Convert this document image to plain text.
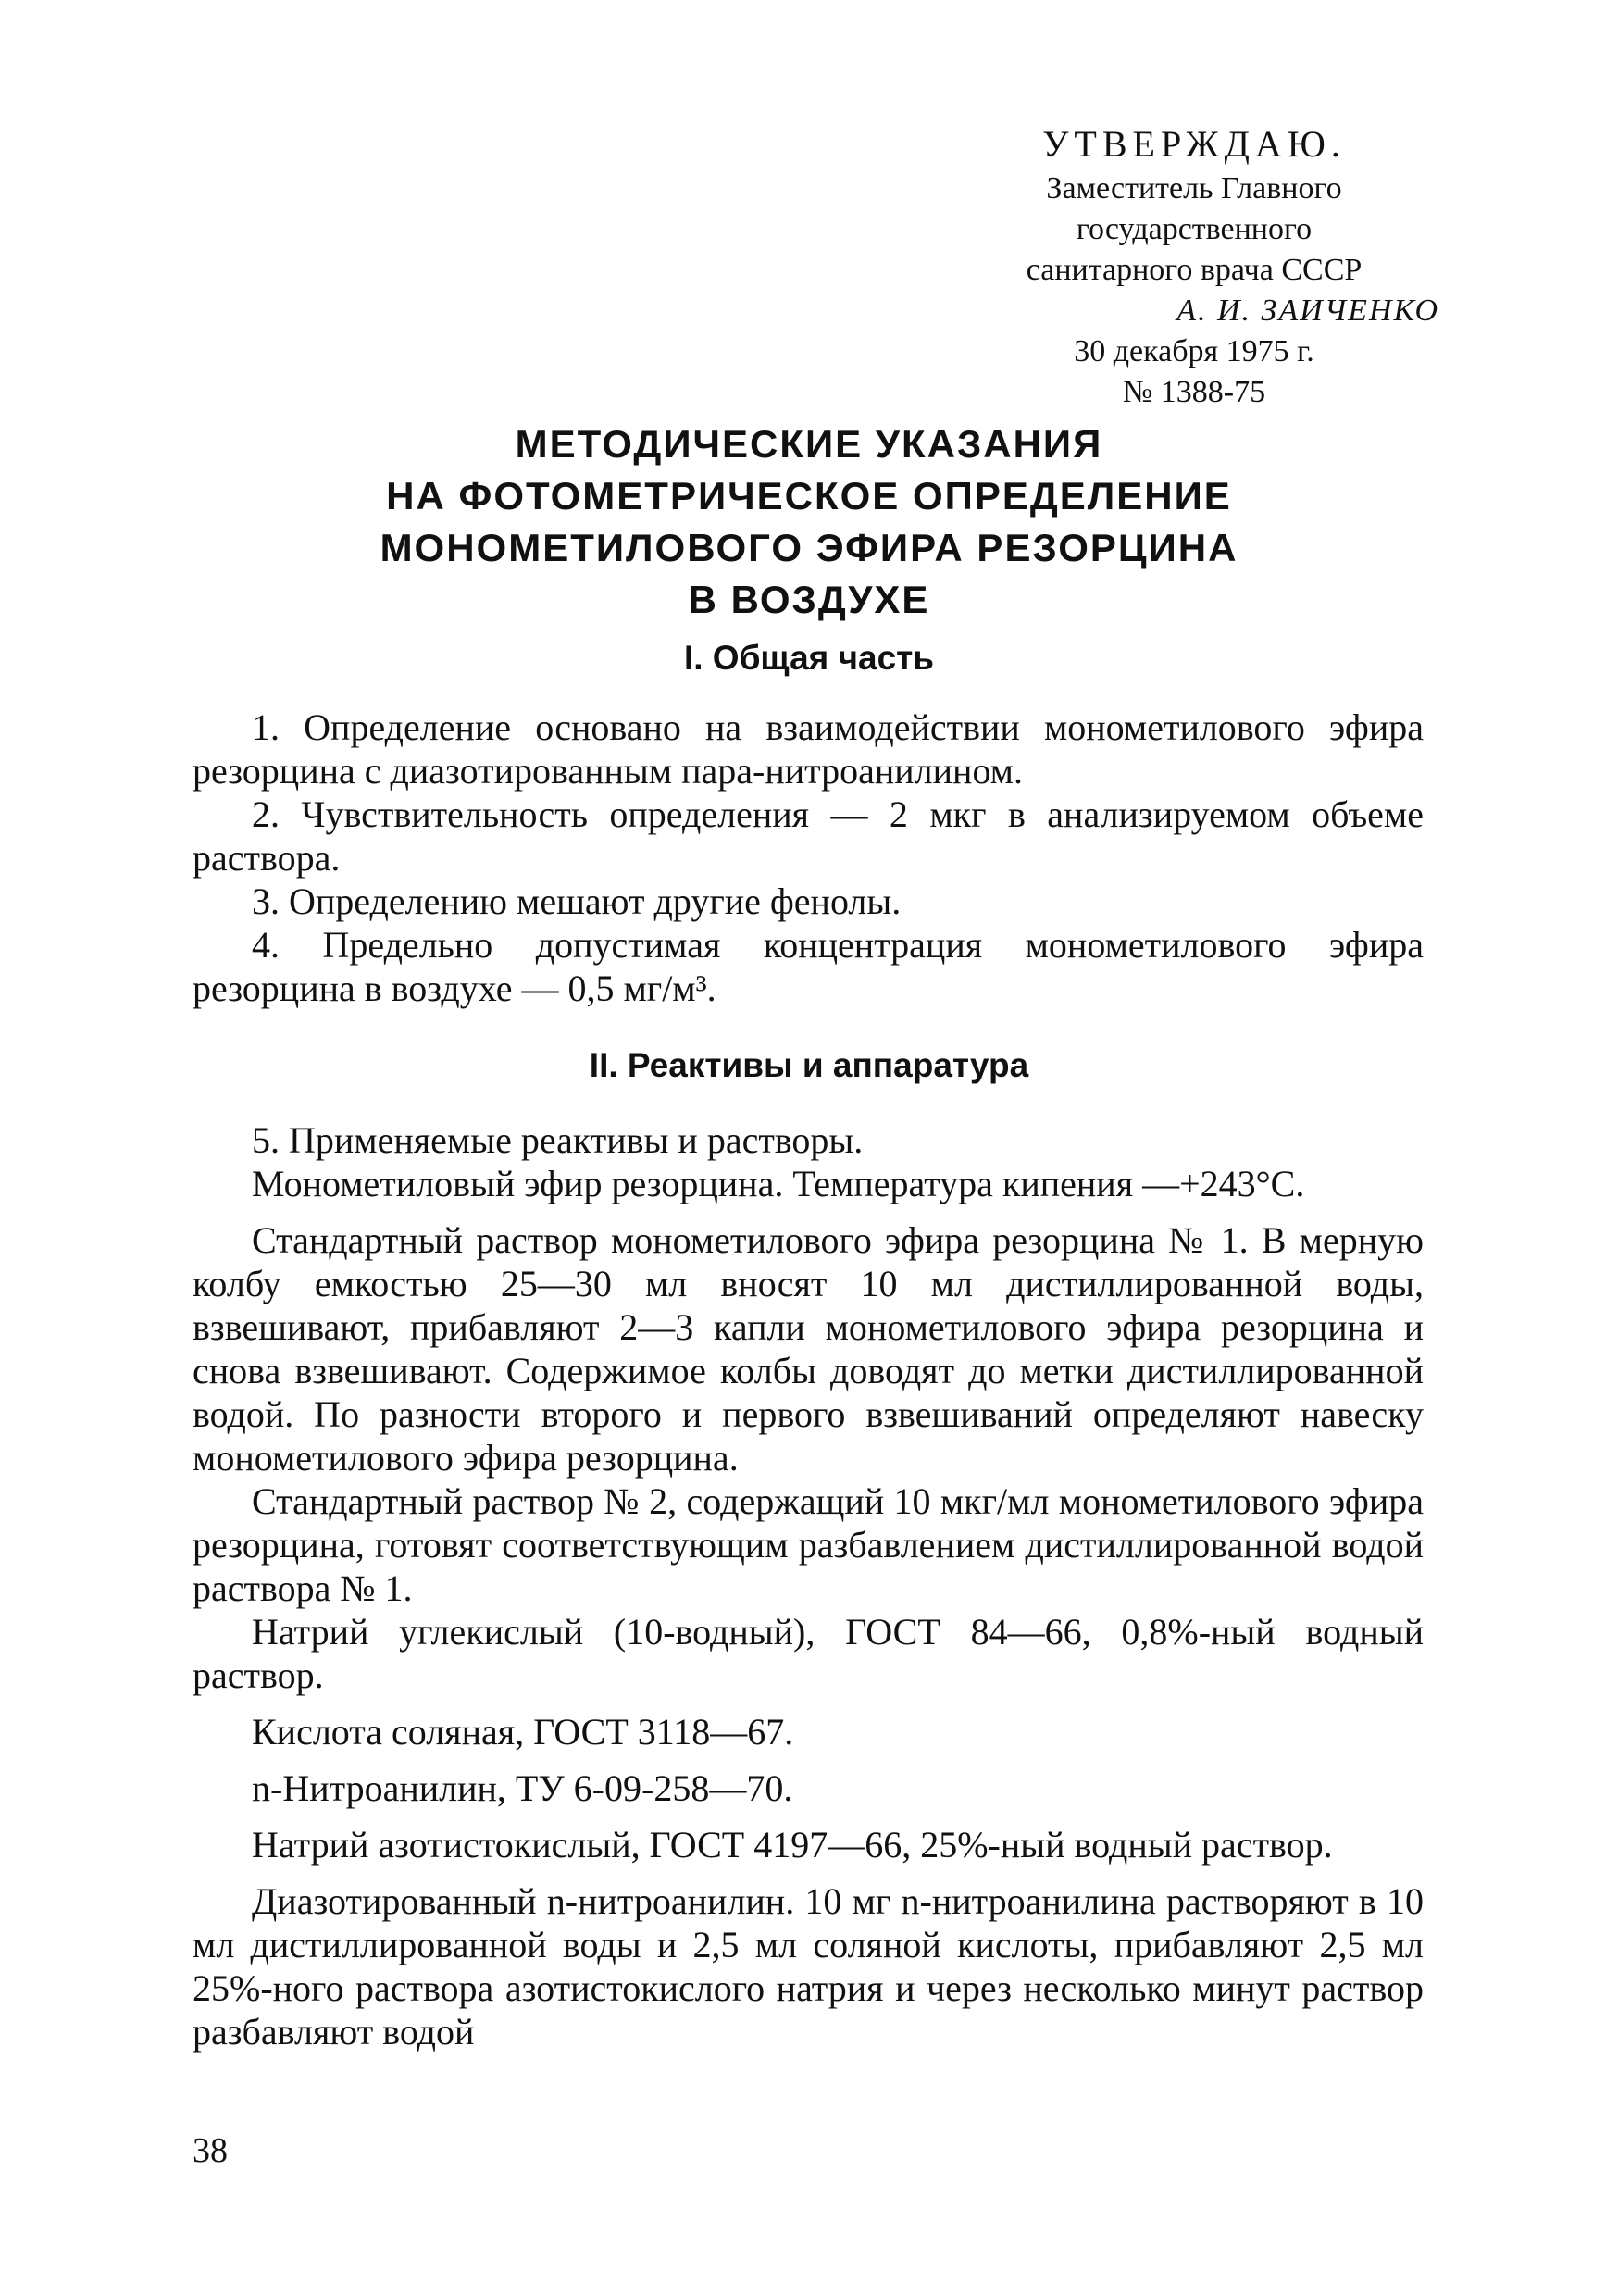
УТВЕРЖДАЮ.
Заместитель Главного
государственного
санитарного врача СССР
А. И. ЗАИЧЕНКО
30 декабря 1975 г.
№ 1388-75
МЕТОДИЧЕСКИЕ УКАЗАНИЯ
НА ФОТОМЕТРИЧЕСКОЕ ОПРЕДЕЛЕНИЕ
МОНОМЕТИЛОВОГО ЭФИРА РЕЗОРЦИНА
В ВОЗДУХЕ
I. Общая часть

1. Определение основано на взаимодействии монометилового эфира резорцина с диазотированным пара-нитроанилином.

2. Чувствительность определения — 2 мкг в анализируемом объеме раствора.

3. Определению мешают другие фенолы.

4. Предельно допустимая концентрация монометилового эфира резорцина в воздухе — 0,5 мг/м³.

II. Реактивы и аппаратура

5. Применяемые реактивы и растворы.

Монометиловый эфир резорцина. Температура кипения —+243°С.

Стандартный раствор монометилового эфира резорцина № 1. В мерную колбу емкостью 25—30 мл вносят 10 мл дистиллированной воды, взвешивают, прибавляют 2—3 капли монометилового эфира резорцина и снова взвешивают. Содержимое колбы доводят до метки дистиллированной водой. По разности второго и первого взвешиваний определяют навеску монометилового эфира резорцина.

Стандартный раствор № 2, содержащий 10 мкг/мл монометилового эфира резорцина, готовят соответствующим разбавлением дистиллированной водой раствора № 1.

Натрий углекислый (10-водный), ГОСТ 84—66, 0,8%-ный водный раствор.

Кислота соляная, ГОСТ 3118—67.

n-Нитроанилин, ТУ 6-09-258—70.

Натрий азотистокислый, ГОСТ 4197—66, 25%-ный водный раствор.

Диазотированный n-нитроанилин. 10 мг n-нитроанилина растворяют в 10 мл дистиллированной воды и 2,5 мл соляной кислоты, прибавляют 2,5 мл 25%-ного раствора азотистокислого натрия и через несколько минут раствор разбавляют водой

38
